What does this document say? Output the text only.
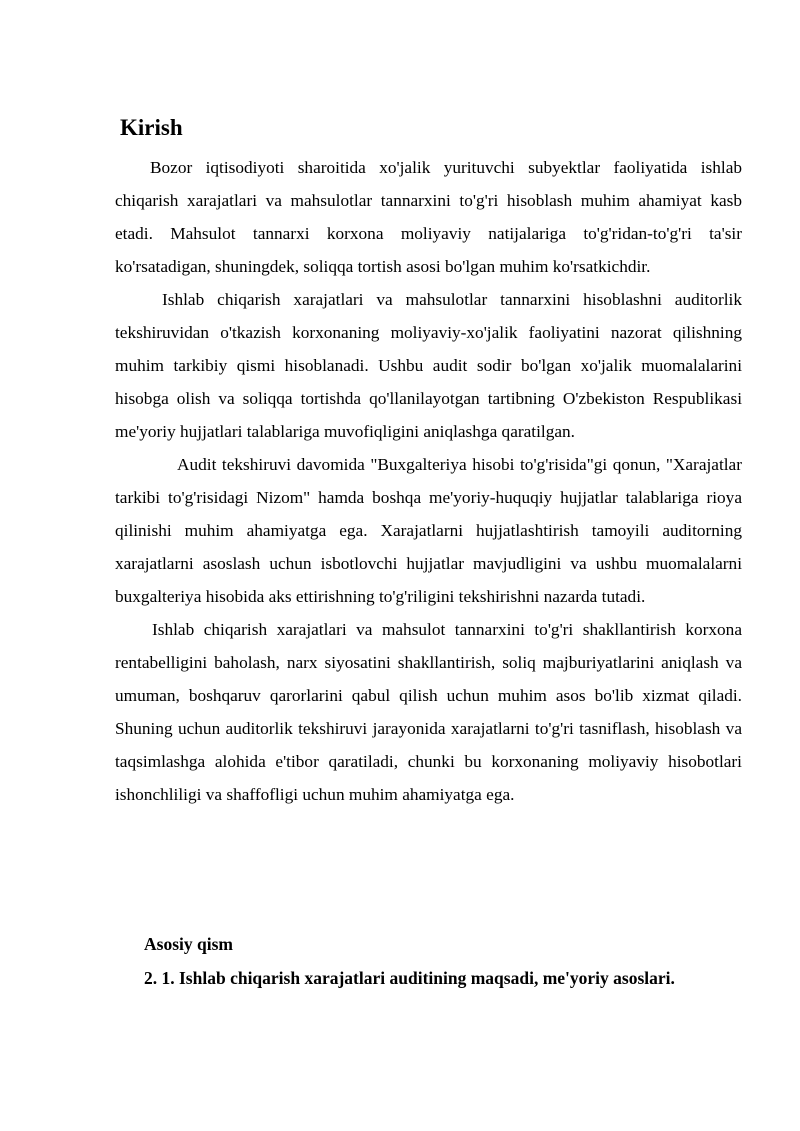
Kirish

Bozor iqtisodiyoti sharoitida xo'jalik yurituvchi subyektlar faoliyatida ishlab chiqarish xarajatlari va mahsulotlar tannarxini to'g'ri hisoblash muhim ahamiyat kasb etadi. Mahsulot tannarxi korxona moliyaviy natijalariga to'g'ridan-to'g'ri ta'sir ko'rsatadigan, shuningdek, soliqqa tortish asosi bo'lgan muhim ko'rsatkichdir.

Ishlab chiqarish xarajatlari va mahsulotlar tannarxini hisoblashni auditorlik tekshiruvidan o'tkazish korxonaning moliyaviy-xo'jalik faoliyatini nazorat qilishning muhim tarkibiy qismi hisoblanadi. Ushbu audit sodir bo'lgan xo'jalik muomalalarini hisobga olish va soliqqa tortishda qo'llanilayotgan tartibning O'zbekiston Respublikasi me'yoriy hujjatlari talablariga muvofiqligini aniqlashga qaratilgan.

Audit tekshiruvi davomida "Buxgalteriya hisobi to'g'risida"gi qonun, "Xarajatlar tarkibi to'g'risidagi Nizom" hamda boshqa me'yoriy-huquqiy hujjatlar talablariga rioya qilinishi muhim ahamiyatga ega. Xarajatlarni hujjatlashtirish tamoyili auditorning xarajatlarni asoslash uchun isbotlovchi hujjatlar mavjudligini va ushbu muomalalarni buxgalteriya hisobida aks ettirishning to'g'riligini tekshirishni nazarda tutadi.

Ishlab chiqarish xarajatlari va mahsulot tannarxini to'g'ri shakllantirish korxona rentabelligini baholash, narx siyosatini shakllantirish, soliq majburiyatlarini aniqlash va umuman, boshqaruv qarorlarini qabul qilish uchun muhim asos bo'lib xizmat qiladi. Shuning uchun auditorlik tekshiruvi jarayonida xarajatlarni to'g'ri tasniflash, hisoblash va taqsimlashga alohida e'tibor qaratiladi, chunki bu korxonaning moliyaviy hisobotlari ishonchliligi va shaffofligi uchun muhim ahamiyatga ega.

Asosiy qism
2. 1. Ishlab chiqarish xarajatlari auditining maqsadi, me'yoriy asoslari.
